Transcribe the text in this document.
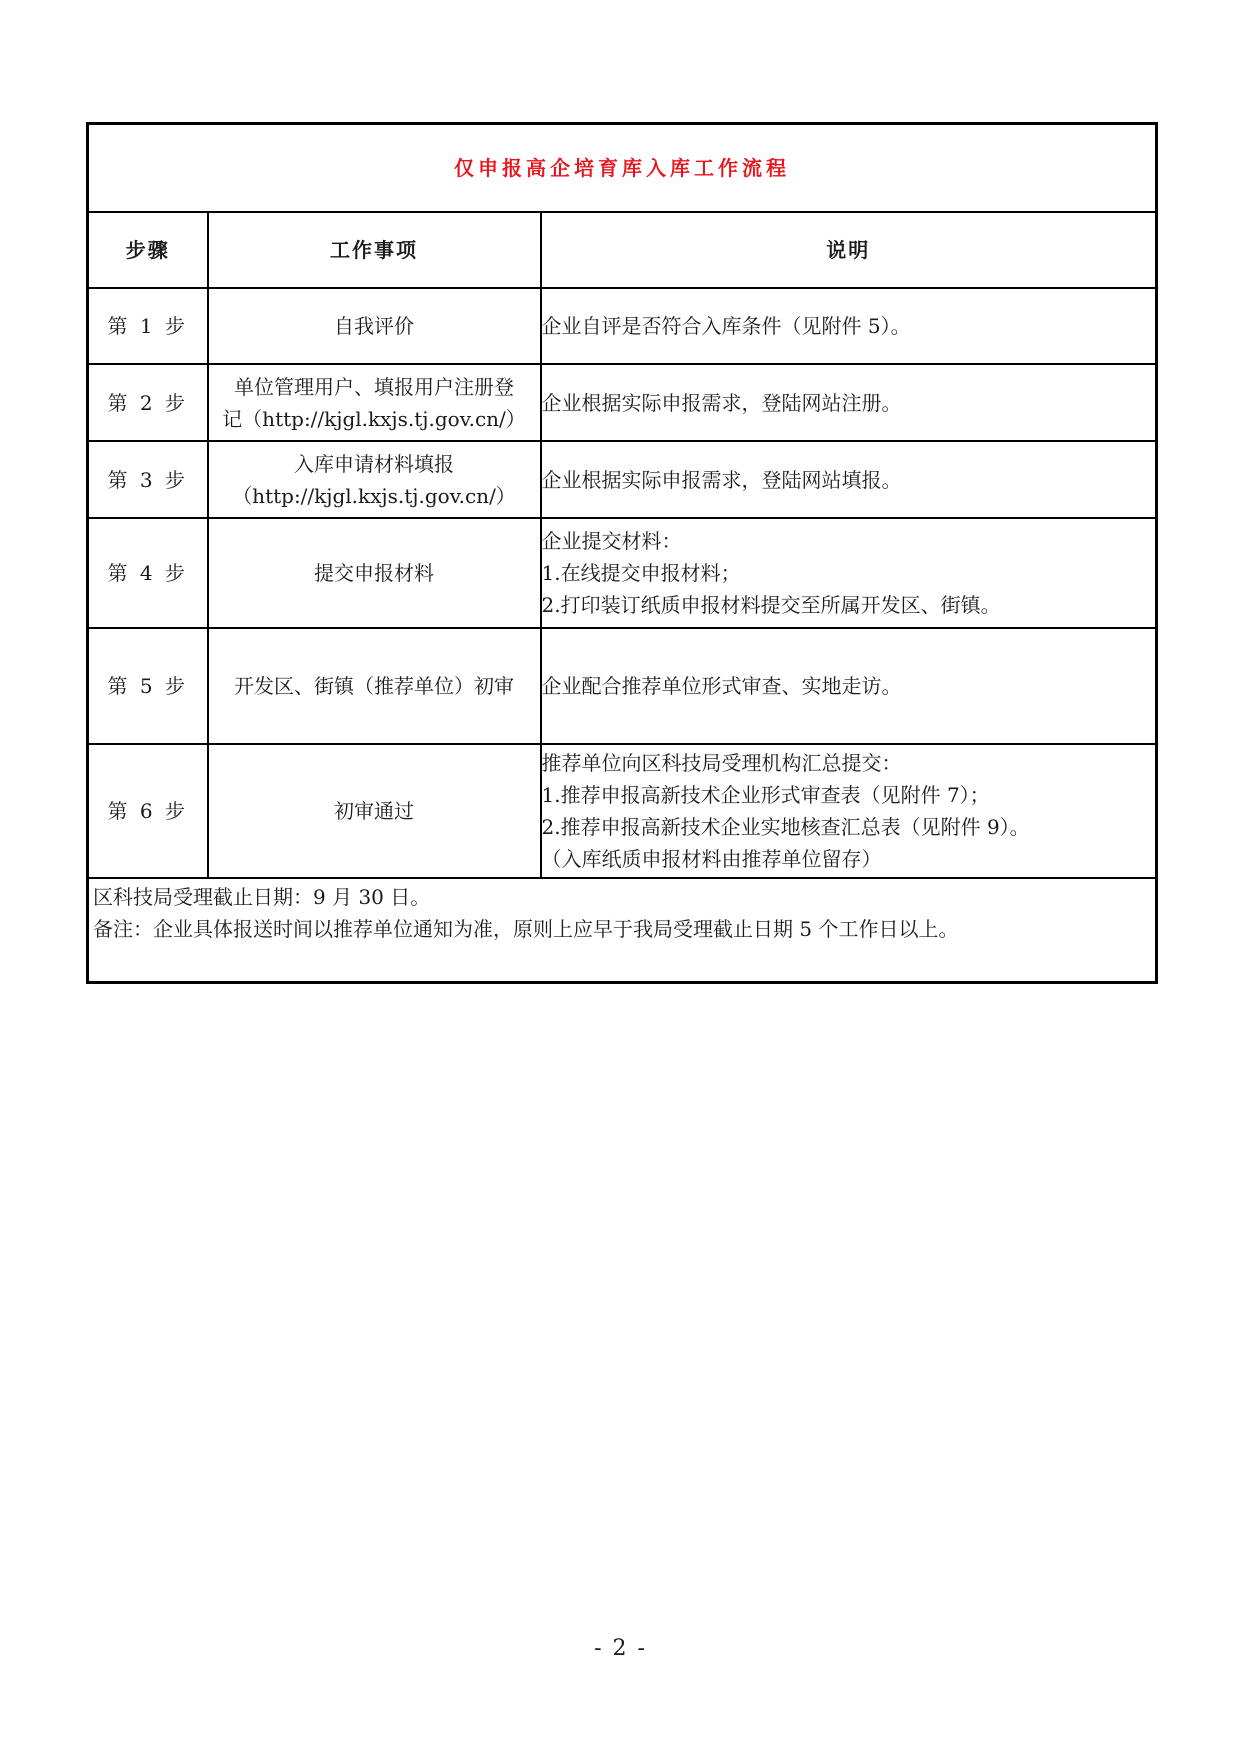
仅申报高企培育库入库工作流程		
步骤	工作事项	说明
第 1 步	自我评价	企业自评是否符合入库条件（见附件 5）。

第 2 步	单位管理用户、填报用户注册登
记（http://kjgl.kxjs.tj.gov.cn/）	企业根据实际申报需求，登陆网站注册。

第 3 步	入库申请材料填报
（http://kjgl.kxjs.tj.gov.cn/）	企业根据实际申报需求，登陆网站填报。

第 4 步	提交申报材料	企业提交材料：
1.在线提交申报材料；
2.打印装订纸质申报材料提交至所属开发区、街镇。

第 5 步	开发区、街镇（推荐单位）初审	企业配合推荐单位形式审查、实地走访。

第 6 步	初审通过	推荐单位向区科技局受理机构汇总提交：
1.推荐申报高新技术企业形式审查表（见附件 7）；
2.推荐申报高新技术企业实地核查汇总表（见附件 9）。
（入库纸质申报材料由推荐单位留存）

区科技局受理截止日期：9 月 30 日。
备注：企业具体报送时间以推荐单位通知为准，原则上应早于我局受理截止日期 5 个工作日以上。		
- 2 -
